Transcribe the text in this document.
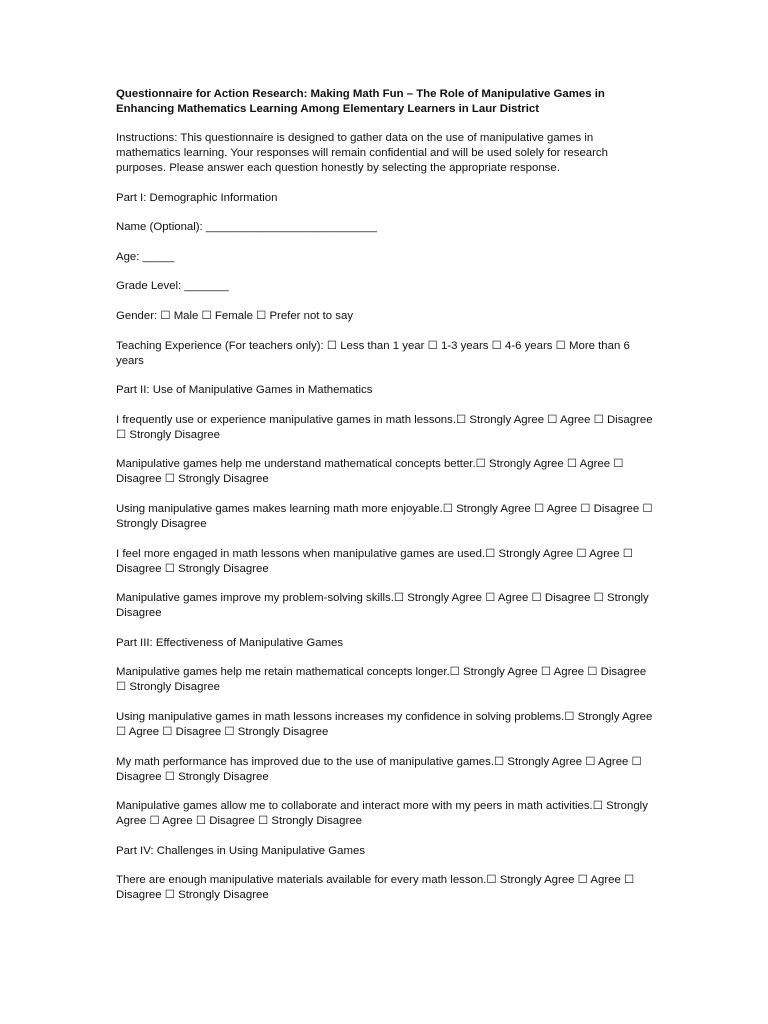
Questionnaire for Action Research: Making Math Fun – The Role of Manipulative Games in Enhancing Mathematics Learning Among Elementary Learners in Laur District

Instructions: This questionnaire is designed to gather data on the use of manipulative games in mathematics learning. Your responses will remain confidential and will be used solely for research purposes. Please answer each question honestly by selecting the appropriate response.

Part I: Demographic Information

Name (Optional): ___________________________

Age: _____

Grade Level: _______

Gender: ☐ Male ☐ Female ☐ Prefer not to say

Teaching Experience (For teachers only): ☐ Less than 1 year ☐ 1-3 years ☐ 4-6 years ☐ More than 6 years

Part II: Use of Manipulative Games in Mathematics

I frequently use or experience manipulative games in math lessons.☐ Strongly Agree ☐ Agree ☐ Disagree ☐ Strongly Disagree

Manipulative games help me understand mathematical concepts better.☐ Strongly Agree ☐ Agree ☐ Disagree ☐ Strongly Disagree

Using manipulative games makes learning math more enjoyable.☐ Strongly Agree ☐ Agree ☐ Disagree ☐ Strongly Disagree

I feel more engaged in math lessons when manipulative games are used.☐ Strongly Agree ☐ Agree ☐ Disagree ☐ Strongly Disagree

Manipulative games improve my problem-solving skills.☐ Strongly Agree ☐ Agree ☐ Disagree ☐ Strongly Disagree

Part III: Effectiveness of Manipulative Games

Manipulative games help me retain mathematical concepts longer.☐ Strongly Agree ☐ Agree ☐ Disagree ☐ Strongly Disagree

Using manipulative games in math lessons increases my confidence in solving problems.☐ Strongly Agree ☐ Agree ☐ Disagree ☐ Strongly Disagree

My math performance has improved due to the use of manipulative games.☐ Strongly Agree ☐ Agree ☐ Disagree ☐ Strongly Disagree

Manipulative games allow me to collaborate and interact more with my peers in math activities.☐ Strongly Agree ☐ Agree ☐ Disagree ☐ Strongly Disagree

Part IV: Challenges in Using Manipulative Games

There are enough manipulative materials available for every math lesson.☐ Strongly Agree ☐ Agree ☐ Disagree ☐ Strongly Disagree
